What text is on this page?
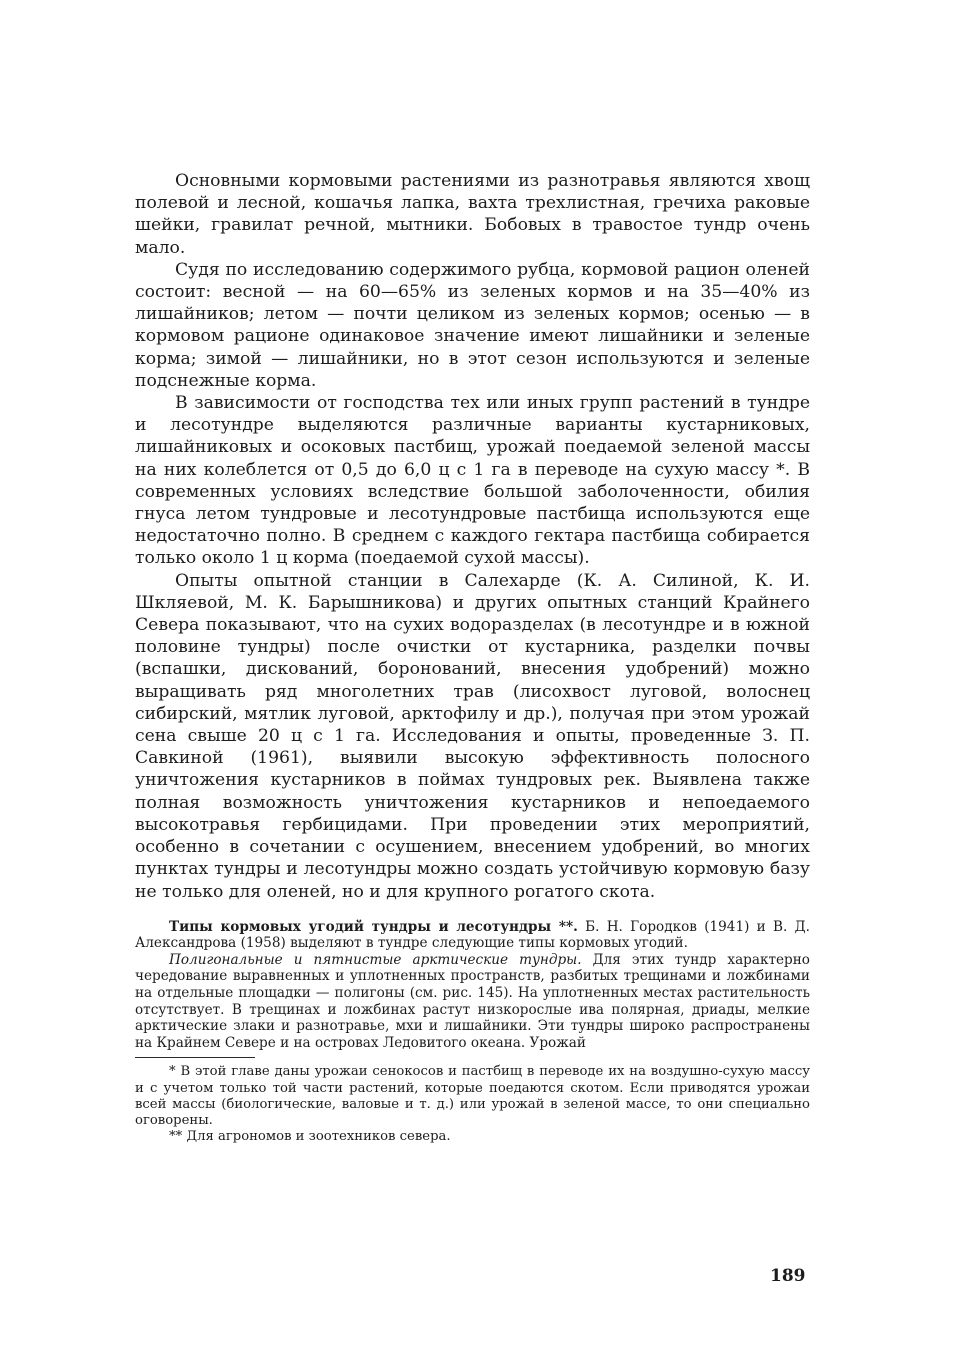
Основными кормовыми растениями из разнотравья являются хвощ полевой и лесной, кошачья лапка, вахта трехлистная, гречиха раковые шейки, гравилат речной, мытники. Бобовых в травостое тундр очень мало.

Судя по исследованию содержимого рубца, кормовой рацион оленей состоит: весной — на 60—65% из зеленых кормов и на 35—40% из лишайников; летом — почти целиком из зеленых кормов; осенью — в кормовом рационе одинаковое значение имеют лишайники и зеленые корма; зимой — лишайники, но в этот сезон используются и зеленые подснежные корма.

В зависимости от господства тех или иных групп растений в тундре и лесотундре выделяются различные варианты кустарниковых, лишайниковых и осоковых пастбищ, урожай поедаемой зеленой массы на них колеблется от 0,5 до 6,0 ц с 1 га в переводе на сухую массу *. В современных условиях вследствие большой заболоченности, обилия гнуса летом тундровые и лесотундровые пастбища используются еще недостаточно полно. В среднем с каждого гектара пастбища собирается только около 1 ц корма (поедаемой сухой массы).

Опыты опытной станции в Салехарде (К. А. Силиной, К. И. Шкляевой, М. К. Барышникова) и других опытных станций Крайнего Севера показывают, что на сухих водоразделах (в лесотундре и в южной половине тундры) после очистки от кустарника, разделки почвы (вспашки, дискований, боронований, внесения удобрений) можно выращивать ряд многолетних трав (лисохвост луговой, волоснец сибирский, мятлик луговой, арктофилу и др.), получая при этом урожай сена свыше 20 ц с 1 га. Исследования и опыты, проведенные З. П. Савкиной (1961), выявили высокую эффективность полосного уничтожения кустарников в поймах тундровых рек. Выявлена также полная возможность уничтожения кустарников и непоедаемого высокотравья гербицидами. При проведении этих мероприятий, особенно в сочетании с осушением, внесением удобрений, во многих пунктах тундры и лесотундры можно создать устойчивую кормовую базу не только для оленей, но и для крупного рогатого скота.

Типы кормовых угодий тундры и лесотундры **. Б. Н. Городков (1941) и В. Д. Александрова (1958) выделяют в тундре следующие типы кормовых угодий.

Полигональные и пятнистые арктические тундры. Для этих тундр характерно чередование выравненных и уплотненных пространств, разбитых трещинами и ложбинами на отдельные площадки — полигоны (см. рис. 145). На уплотненных местах растительность отсутствует. В трещинах и ложбинах растут низкорослые ива полярная, дриады, мелкие арктические злаки и разнотравье, мхи и лишайники. Эти тундры широко распространены на Крайнем Севере и на островах Ледовитого океана. Урожай

* В этой главе даны урожаи сенокосов и пастбищ в переводе их на воздушно-сухую массу и с учетом только той части растений, которые поедаются скотом. Если приводятся урожаи всей массы (биологические, валовые и т. д.) или урожай в зеленой массе, то они специально оговорены.

** Для агрономов и зоотехников севера.

189
